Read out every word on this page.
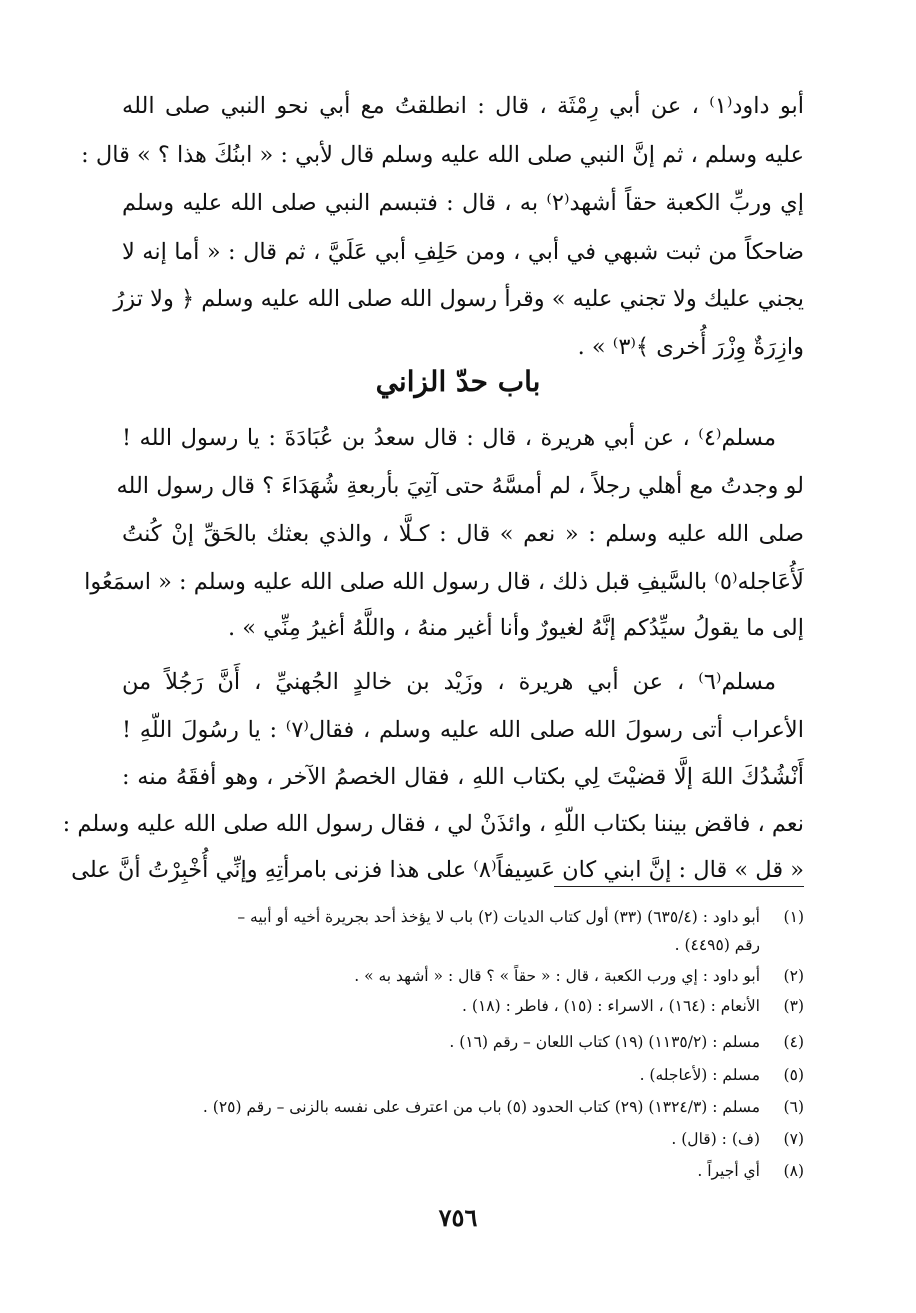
أبو داود⁽١⁾ ، عن أبي رِمْثَة ، قال : انطلقتُ مع أبي نحو النبي صلى الله
عليه وسلم ، ثم إنَّ النبي صلى الله عليه وسلم قال لأبي : « ابنُكَ هذا ؟ » قال :
إي وربِّ الكعبة حقاً أشهد⁽٢⁾ به ، قال : فتبسم النبي صلى الله عليه وسلم
ضاحكاً من ثبت شبهي في أبي ، ومن حَلِفِ أبي عَلَيَّ ، ثم قال : « أما إنه لا
يجني عليك ولا تجني عليه » وقرأ رسول الله صلى الله عليه وسلم ﴿ ولا تزرُ
وازِرَةٌ وِزْرَ أُخرى ﴾⁽٣⁾ » .
باب حدّ الزاني
مسلم⁽٤⁾ ، عن أبي هريرة ، قال : قال سعدُ بن عُبَادَةَ : يا رسول الله !
لو وجدتُ مع أهلي رجلاً ، لم أمسَّهُ حتى آتِيَ بأربعةِ شُهَدَاءَ ؟ قال رسول الله
صلى الله عليه وسلم : « نعم » قال : كـلَّا ، والذي بعثك بالحَقِّ إنْ كُنتُ
لَأُعَاجله⁽٥⁾ بالسَّيفِ قبل ذلك ، قال رسول الله صلى الله عليه وسلم : « اسمَعُوا
إلى ما يقولُ سيِّدُكم إنَّهُ لغيورٌ وأنا أغير منهُ ، واللَّهُ أغيرُ مِنِّي » .
مسلم⁽٦⁾ ، عن أبي هريرة ، وزَيْد بن خالدٍ الجُهنيِّ ، أَنَّ رَجُلاً من
الأعراب أتى رسولَ الله صلى الله عليه وسلم ، فقال⁽٧⁾ : يا رسُولَ اللّهِ !
أَنْشُدُكَ اللهَ إلَّا قضيْتَ لِي بكتاب اللهِ ، فقال الخصمُ الآخر ، وهو أفقَهُ منه :
نعم ، فاقض بيننا بكتاب اللّهِ ، وائذَنْ لي ، فقال رسول الله صلى الله عليه وسلم :
« قل » قال : إنَّ ابني كان عَسِيفاً⁽٨⁾ على هذا فزنى بامرأتِهِ وإنِّي أُخْبِرْتُ أنَّ على
(١)أبو داود : (٦٣٥/٤) (٣٣) أول كتاب الديات (٢) باب لا يؤخذ أحد بجريرة أخيه أو أبيه –
رقم (٤٤٩٥) .
(٢)أبو داود : إي ورب الكعبة ، قال : « حقاً » ؟ قال : « أشهد به » .
(٣)الأنعام : (١٦٤) ، الاسراء : (١٥) ، فاطر : (١٨) .
(٤)مسلم : (١١٣٥/٢) (١٩) كتاب اللعان – رقم (١٦) .
(٥)مسلم : (لأعاجله) .
(٦)مسلم : (١٣٢٤/٣) (٢٩) كتاب الحدود (٥) باب من اعترف على نفسه بالزنى – رقم (٢٥) .
(٧)(ف) : (قال) .
(٨)أي أجيراً .
٧٥٦
